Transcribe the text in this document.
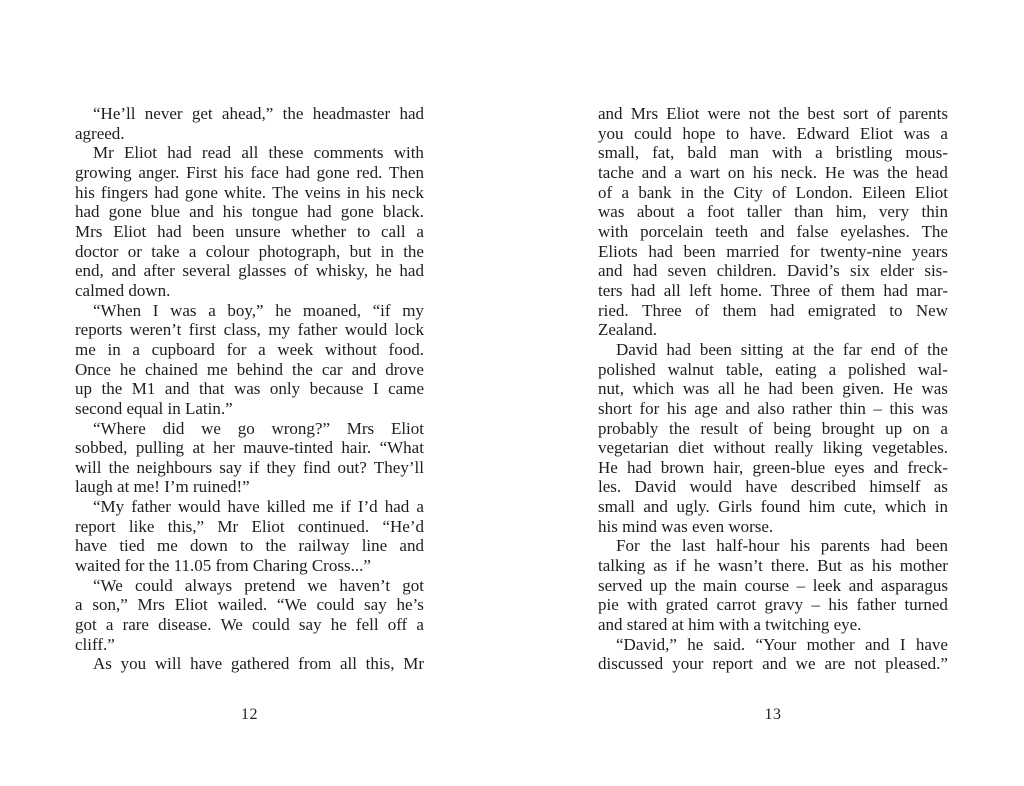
“He’ll never get ahead,” the headmaster had
agreed.
Mr Eliot had read all these comments with
growing anger. First his face had gone red. Then
his fingers had gone white. The veins in his neck
had gone blue and his tongue had gone black.
Mrs Eliot had been unsure whether to call a
doctor or take a colour photograph, but in the
end, and after several glasses of whisky, he had
calmed down.
“When I was a boy,” he moaned, “if my
reports weren’t first class, my father would lock
me in a cupboard for a week without food.
Once he chained me behind the car and drove
up the M1 and that was only because I came
second equal in Latin.”
“Where did we go wrong?” Mrs Eliot
sobbed, pulling at her mauve-tinted hair. “What
will the neighbours say if they find out? They’ll
laugh at me! I’m ruined!”
“My father would have killed me if I’d had a
report like this,” Mr Eliot continued. “He’d
have tied me down to the railway line and
waited for the 11.05 from Charing Cross...”
“We could always pretend we haven’t got
a son,” Mrs Eliot wailed. “We could say he’s
got a rare disease. We could say he fell off a
cliff.”
As you will have gathered from all this, Mr
and Mrs Eliot were not the best sort of parents
you could hope to have. Edward Eliot was a
small, fat, bald man with a bristling mous-
tache and a wart on his neck. He was the head
of a bank in the City of London. Eileen Eliot
was about a foot taller than him, very thin
with porcelain teeth and false eyelashes. The
Eliots had been married for twenty-nine years
and had seven children. David’s six elder sis-
ters had all left home. Three of them had mar-
ried. Three of them had emigrated to New
Zealand.
David had been sitting at the far end of the
polished walnut table, eating a polished wal-
nut, which was all he had been given. He was
short for his age and also rather thin – this was
probably the result of being brought up on a
vegetarian diet without really liking vegetables.
He had brown hair, green-blue eyes and freck-
les. David would have described himself as
small and ugly. Girls found him cute, which in
his mind was even worse.
For the last half-hour his parents had been
talking as if he wasn’t there. But as his mother
served up the main course – leek and asparagus
pie with grated carrot gravy – his father turned
and stared at him with a twitching eye.
“David,” he said. “Your mother and I have
discussed your report and we are not pleased.”
12	13
